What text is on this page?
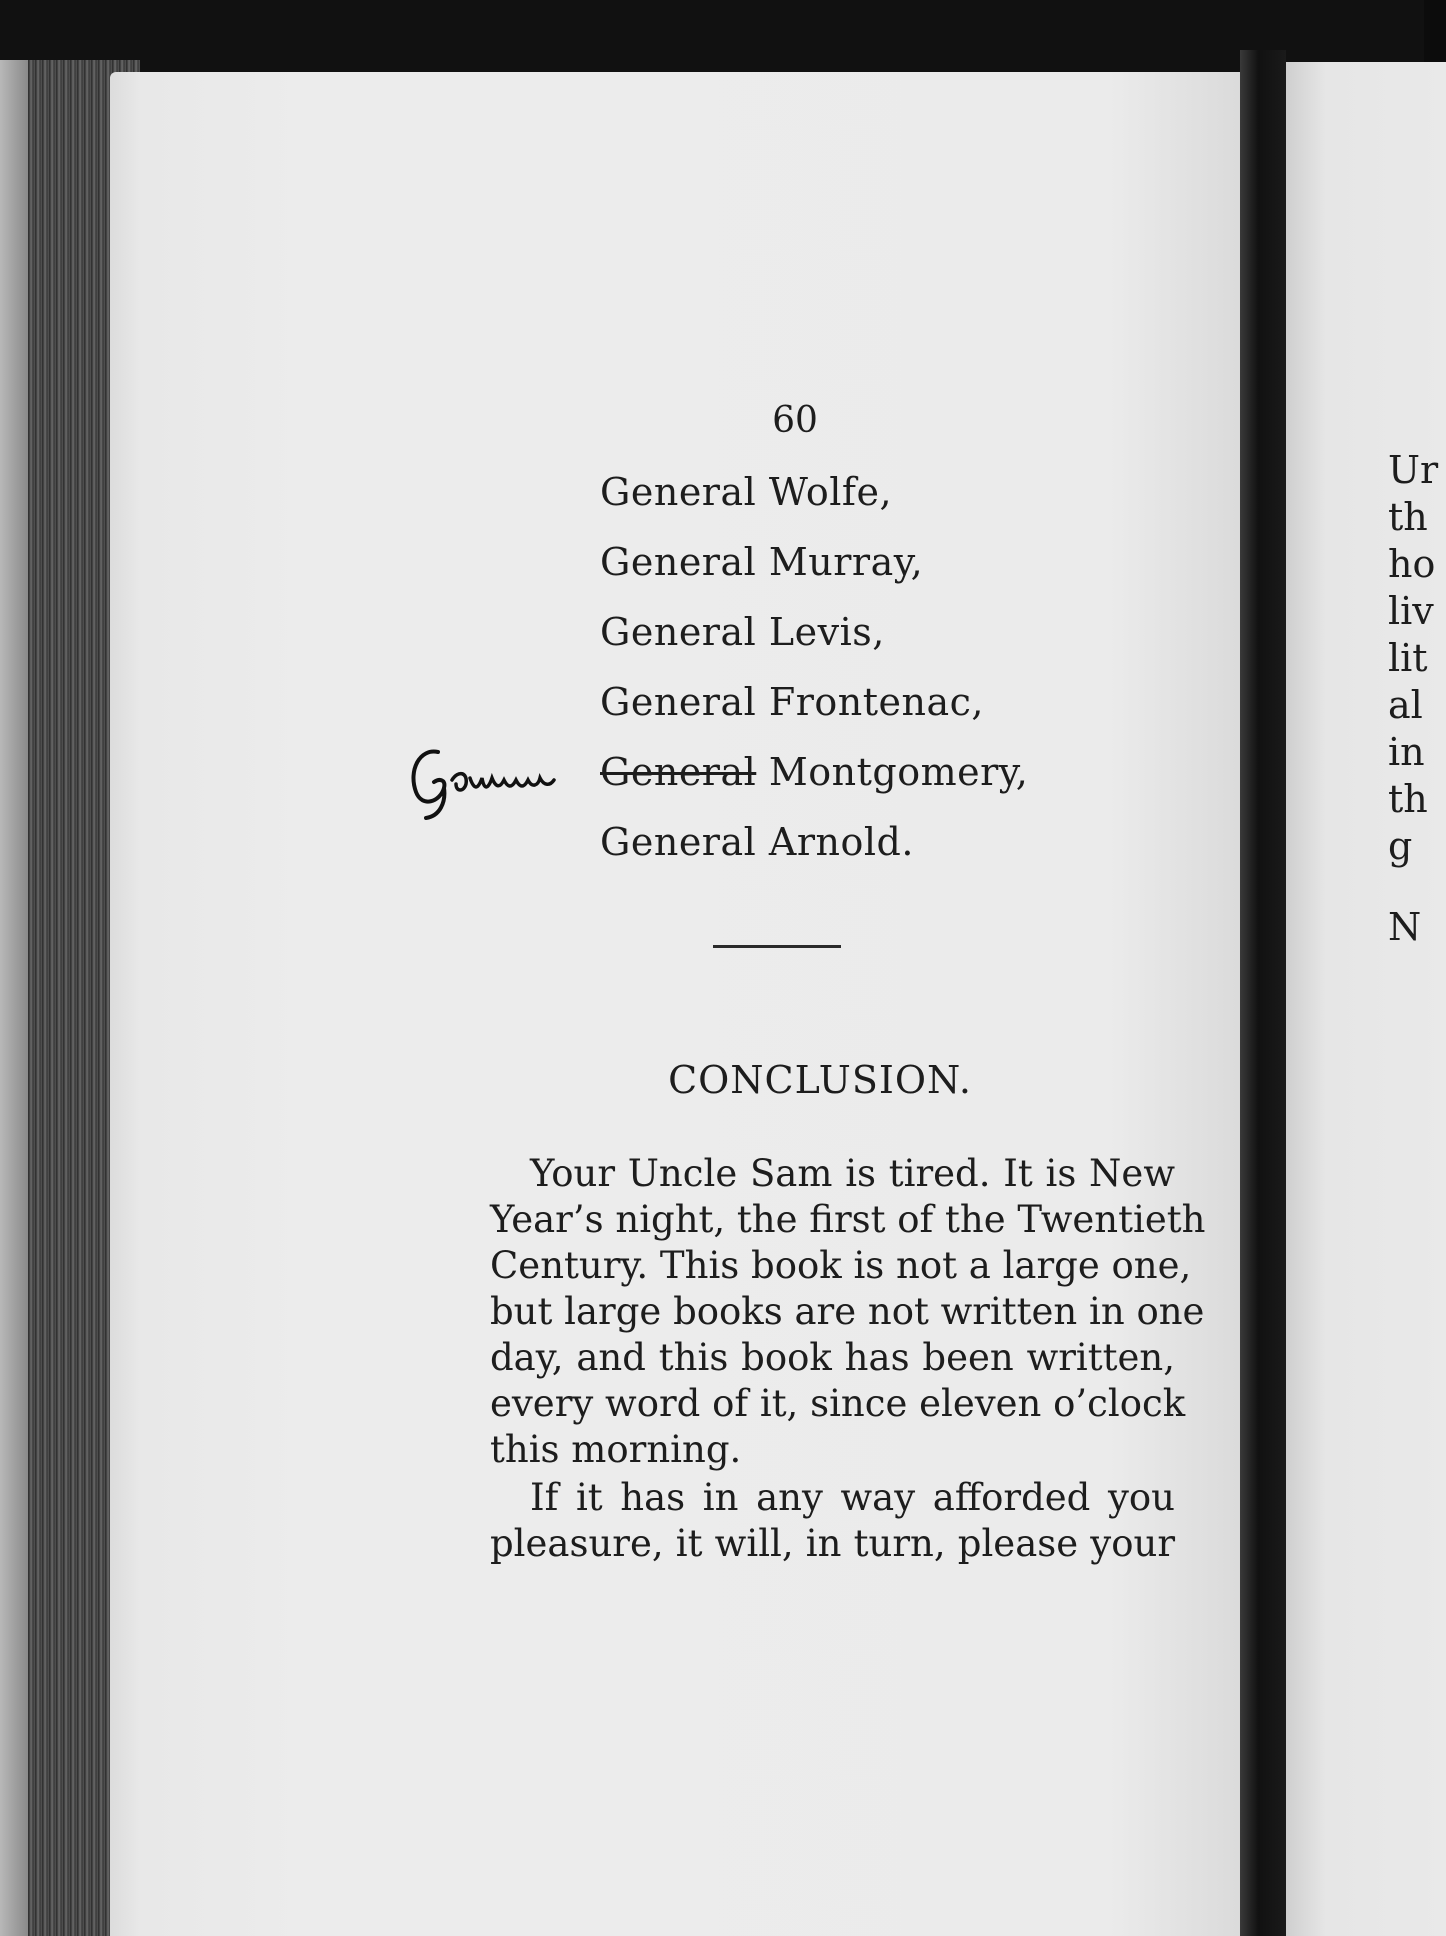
60
General Wolfe,
General Murray,
General Levis,
General Frontenac,
General Montgomery,
General Arnold.
CONCLUSION.
Your Uncle Sam is tired. It is New
Year’s night, the first of the Twentieth
Century. This book is not a large one,
but large books are not written in one
day, and this book has been written,
every word of it, since eleven o’clock
this morning.
If it has in any way afforded you
pleasure, it will, in turn, please your
Ur
th
ho
liv
lit
al
in
th
g
N
